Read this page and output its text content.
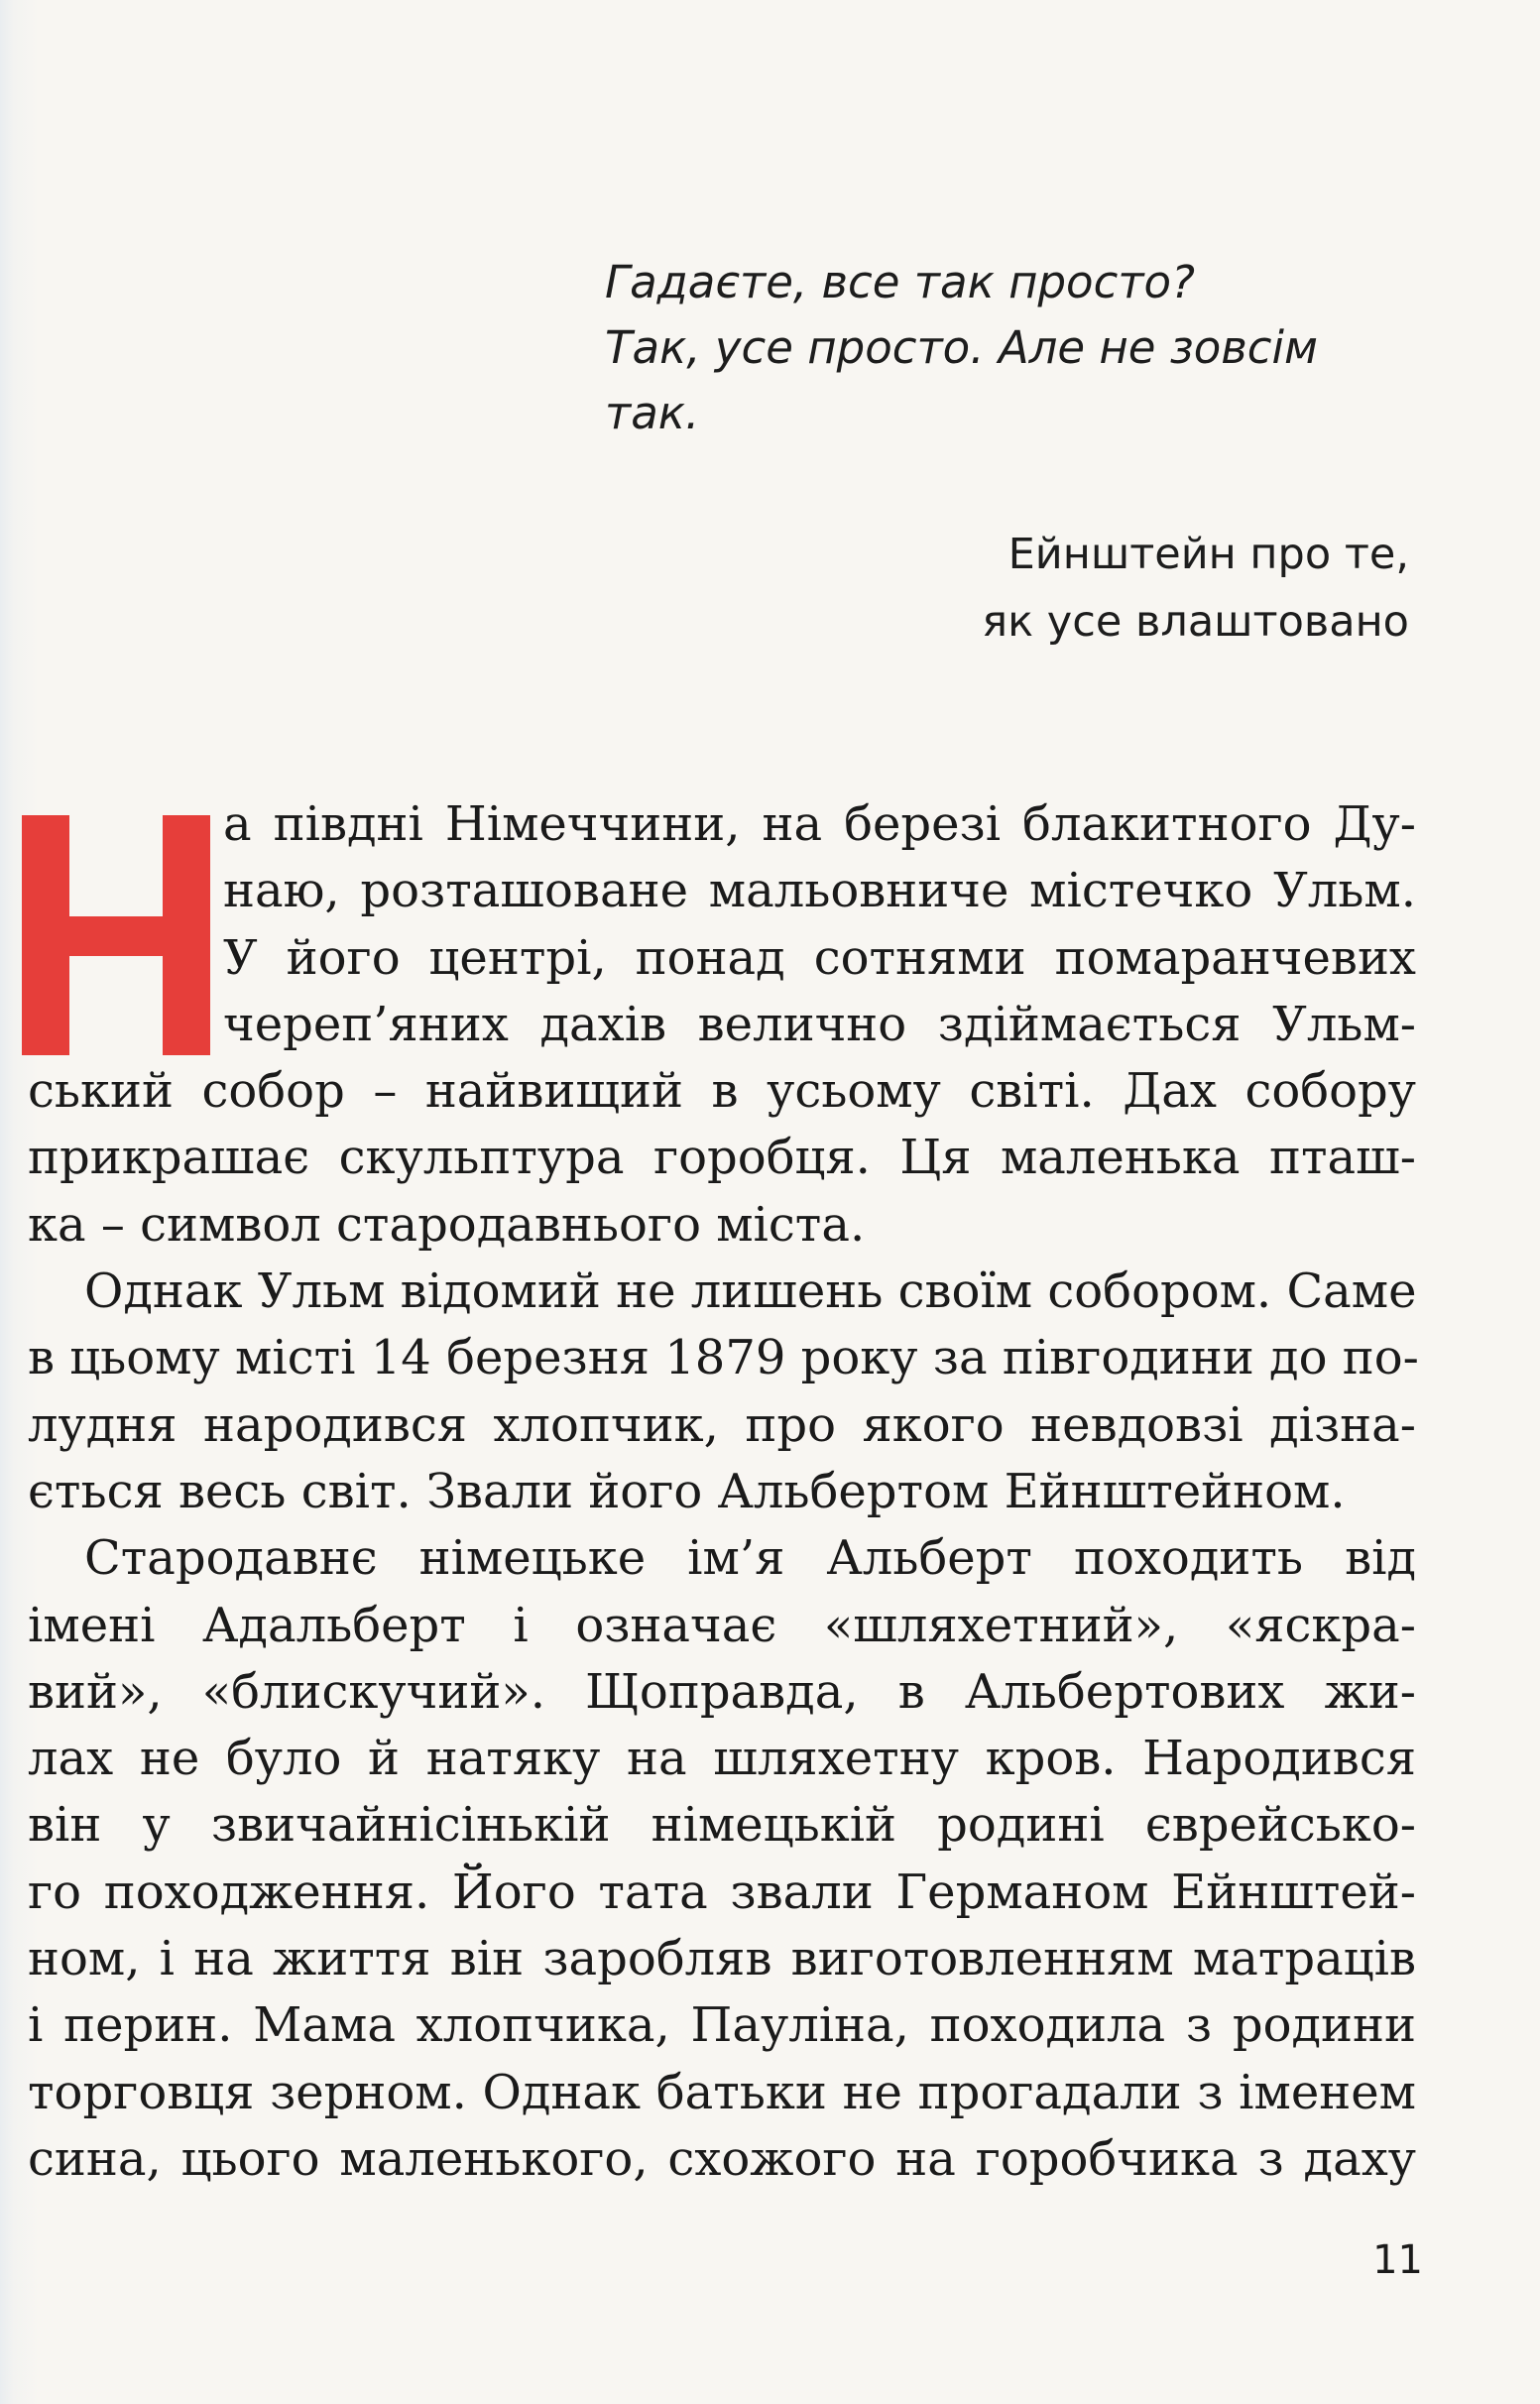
Гадаєте, все так просто?
Так, усе просто. Але не зовсім
так.
Ейнштейн про те,
як усе влаштовано
а півдні Німеччини, на березі блакитного Ду-
наю, розташоване мальовниче містечко Ульм.
У його центрі, понад сотнями помаранчевих
череп’яних дахів велично здіймається Ульм-
ський собор – найвищий в усьому світі. Дах собору
прикрашає скульптура горобця. Ця маленька пташ-
ка – символ стародавнього міста.
Однак Ульм відомий не лишень своїм собором. Саме
в цьому місті 14 березня 1879 року за півгодини до по-
лудня народився хлопчик, про якого невдовзі дізна-
ється весь світ. Звали його Альбертом Ейнштейном.
Стародавнє німецьке ім’я Альберт походить від
імені Адальберт і означає «шляхетний», «яскра-
вий», «блискучий». Щоправда, в Альбертових жи-
лах не було й натяку на шляхетну кров. Народився
він у звичайнісінькій німецькій родині єврейсько-
го походження. Його тата звали Германом Ейнштей-
ном, і на життя він заробляв виготовленням матраців
і перин. Мама хлопчика, Пауліна, походила з родини
торговця зерном. Однак батьки не прогадали з іменем
сина, цього маленького, схожого на горобчика з даху
11
